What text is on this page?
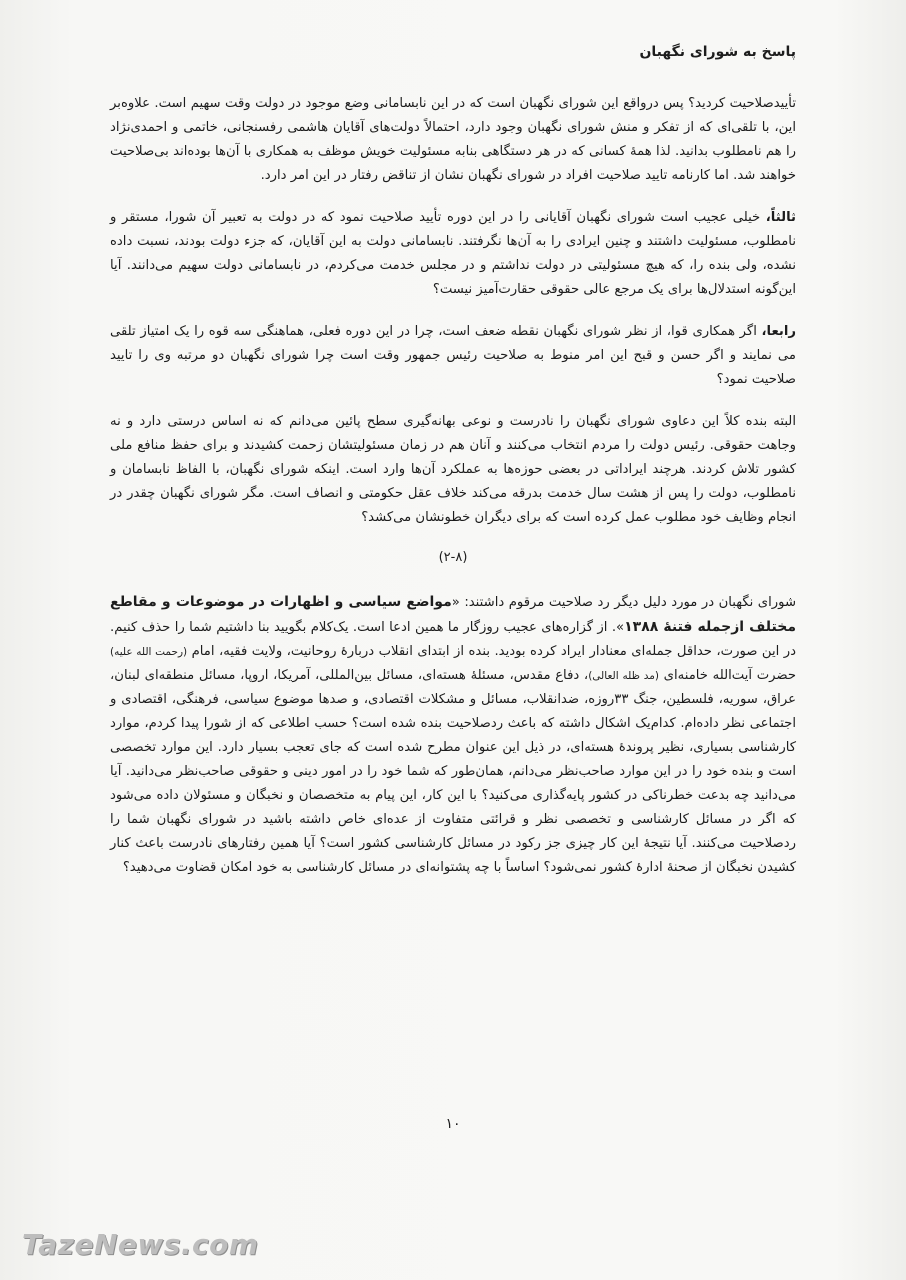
پاسخ به شورای نگهبان

تأییدصلاحیت کردید؟ پس درواقع این شورای نگهبان است که در این نابسامانی وضع موجود در دولت وقت سهیم است. علاوه‌بر این، با تلقی‌ای که از تفکر و منش شورای نگهبان وجود دارد، احتمالاً دولت‌های آقایان هاشمی رفسنجانی، خاتمی و احمدی‌نژاد را هم نامطلوب بدانید. لذا همهٔ کسانی که در هر دستگاهی بنابه مسئولیت خویش موظف به همکاری با آن‌ها بوده‌اند بی‌صلاحیت خواهند شد. اما کارنامه تایید صلاحیت افراد در شورای نگهبان نشان از تناقض رفتار در این امر دارد.

ثالثاً، خیلی عجیب است شورای نگهبان آقایانی را در این دوره تأیید صلاحیت نمود که در دولت به تعبیر آن شورا، مستقر و نامطلوب، مسئولیت داشتند و چنین ایرادی را به آن‌ها نگرفتند. نابسامانی دولت به این آقایان، که جزء دولت بودند، نسبت داده نشده، ولی بنده را، که هیچ مسئولیتی در دولت نداشتم و در مجلس خدمت می‌کردم، در نابسامانی دولت سهیم می‌دانند. آیا این‌گونه استدلال‌ها برای یک مرجع عالی حقوقی حقارت‌آمیز نیست؟

رابعا، اگر همکاری قوا، از نظر شورای نگهبان نقطه ضعف است، چرا در این دوره فعلی، هماهنگی سه قوه را یک امتیاز تلقی می نمایند و اگر حسن و قبح این امر منوط به صلاحیت رئیس جمهور وقت است چرا شورای نگهبان دو مرتبه وی را تایید صلاحیت نمود؟

البته بنده کلاً این دعاوی شورای نگهبان را نادرست و نوعی بهانه‌گیری سطح پائین می‌دانم که نه اساس درستی دارد و نه وجاهت حقوقی. رئیس دولت را مردم انتخاب می‌کنند و آنان هم در زمان مسئولیتشان زحمت کشیدند و برای حفظ منافع ملی کشور تلاش کردند. هرچند ایراداتی در بعضی حوزه‌ها به عملکرد آن‌ها وارد است. اینکه شورای نگهبان، با الفاظ نابسامان و نامطلوب، دولت را پس از هشت سال خدمت بدرقه می‌کند خلاف عقل حکومتی و انصاف است. مگر شورای نگهبان چقدر در انجام وظایف خود مطلوب عمل کرده است که برای دیگران خطونشان می‌کشد؟

(۲-۸)

شورای نگهبان در مورد دلیل دیگر رد صلاحیت مرقوم داشتند: «مواضع سیاسی و اظهارات در موضوعات و مقاطع مختلف ازجمله فتنهٔ ۱۳۸۸». از گزاره‌های عجیب روزگار ما همین ادعا است. یک‌کلام بگویید بنا داشتیم شما را حذف کنیم. در این صورت، حداقل جمله‌ای معنادار ایراد کرده بودید. بنده از ابتدای انقلاب دربارهٔ روحانیت، ولایت فقیه، امام (رحمت الله علیه) حضرت آیت‌الله خامنه‌ای (مد ظله العالی)، دفاع مقدس، مسئلهٔ هسته‌ای، مسائل بین‌المللی، آمریکا، اروپا، مسائل منطقه‌ای لبنان، عراق، سوریه، فلسطین، جنگ ۳۳روزه، ضدانقلاب، مسائل و مشکلات اقتصادی، و صدها موضوع سیاسی، فرهنگی، اقتصادی و اجتماعی نظر داده‌ام. کدام‌یک اشکال داشته که باعث ردصلاحیت بنده شده است؟ حسب اطلاعی که از شورا پیدا کردم، موارد کارشناسی بسیاری، نظیر پروندهٔ هسته‌ای، در ذیل این عنوان مطرح شده است که جای تعجب بسیار دارد. این موارد تخصصی است و بنده خود را در این موارد صاحب‌نظر می‌دانم، همان‌طور که شما خود را در امور دینی و حقوقی صاحب‌نظر می‌دانید. آیا می‌دانید چه بدعت خطرناکی در کشور پایه‌گذاری می‌کنید؟ با این کار، این پیام به متخصصان و نخبگان و مسئولان داده می‌شود که اگر در مسائل کارشناسی و تخصصی نظر و قرائتی متفاوت از عده‌ای خاص داشته باشید در شورای نگهبان شما را ردصلاحیت می‌کنند. آیا نتیجهٔ این کار چیزی جز رکود در مسائل کارشناسی کشور است؟ آیا همین رفتارهای نادرست باعث کنار کشیدن نخبگان از صحنهٔ ادارهٔ کشور نمی‌شود؟ اساساً با چه پشتوانه‌ای در مسائل کارشناسی به خود امکان قضاوت می‌دهید؟

۱۰
TazeNews.com
